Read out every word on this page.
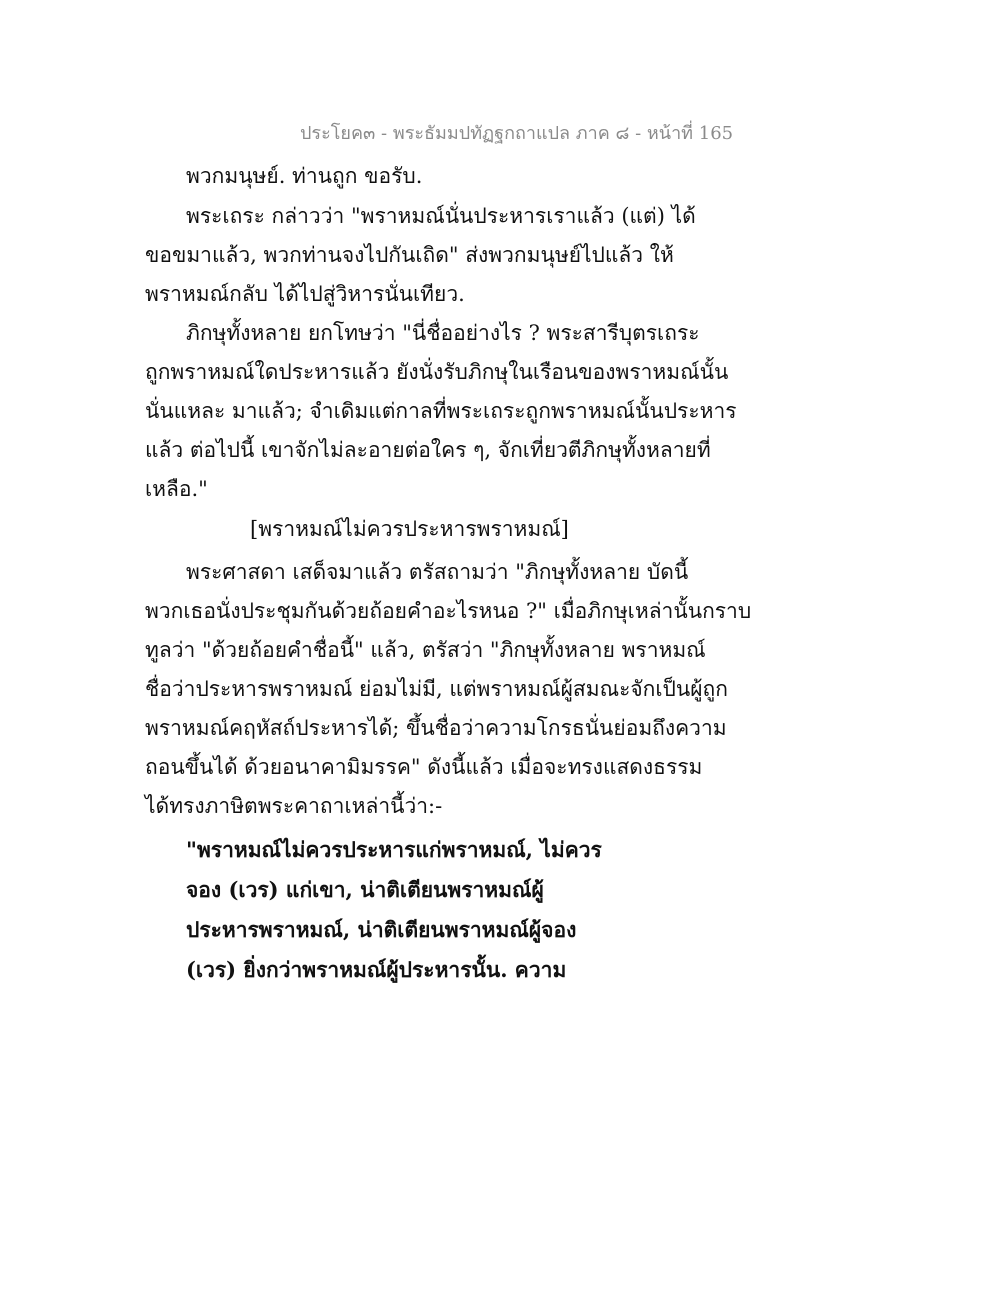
ประโยค๓ - พระธัมมปทัฏฐกถาแปล ภาค ๘ - หน้าที่ 165
พวกมนุษย์. ท่านถูก ขอรับ.
พระเถระ กล่าวว่า "พราหมณ์นั่นประหารเราแล้ว (แต่) ได้
ขอขมาแล้ว, พวกท่านจงไปกันเถิด" ส่งพวกมนุษย์ไปแล้ว ให้
พราหมณ์กลับ ได้ไปสู่วิหารนั่นเทียว.
ภิกษุทั้งหลาย ยกโทษว่า "นี่ชื่ออย่างไร ? พระสารีบุตรเถระ
ถูกพราหมณ์ใดประหารแล้ว ยังนั่งรับภิกษุในเรือนของพราหมณ์นั้น
นั่นแหละ มาแล้ว; จำเดิมแต่กาลที่พระเถระถูกพราหมณ์นั้นประหาร
แล้ว ต่อไปนี้ เขาจักไม่ละอายต่อใคร ๆ, จักเที่ยวตีภิกษุทั้งหลายที่
เหลือ."
[พราหมณ์ไม่ควรประหารพราหมณ์]
พระศาสดา เสด็จมาแล้ว ตรัสถามว่า "ภิกษุทั้งหลาย บัดนี้
พวกเธอนั่งประชุมกันด้วยถ้อยคำอะไรหนอ ?" เมื่อภิกษุเหล่านั้นกราบ
ทูลว่า "ด้วยถ้อยคำชื่อนี้" แล้ว, ตรัสว่า "ภิกษุทั้งหลาย พราหมณ์
ชื่อว่าประหารพราหมณ์ ย่อมไม่มี, แต่พราหมณ์ผู้สมณะจักเป็นผู้ถูก
พราหมณ์คฤหัสถ์ประหารได้; ขึ้นชื่อว่าความโกรธนั่นย่อมถึงความ
ถอนขึ้นได้ ด้วยอนาคามิมรรค" ดังนี้แล้ว เมื่อจะทรงแสดงธรรม
ได้ทรงภาษิตพระคาถาเหล่านี้ว่า:-
"พราหมณ์ไม่ควรประหารแก่พราหมณ์, ไม่ควร
จอง (เวร) แก่เขา, น่าติเตียนพราหมณ์ผู้
ประหารพราหมณ์, น่าติเตียนพราหมณ์ผู้จอง
(เวร) ยิ่งกว่าพราหมณ์ผู้ประหารนั้น. ความ
